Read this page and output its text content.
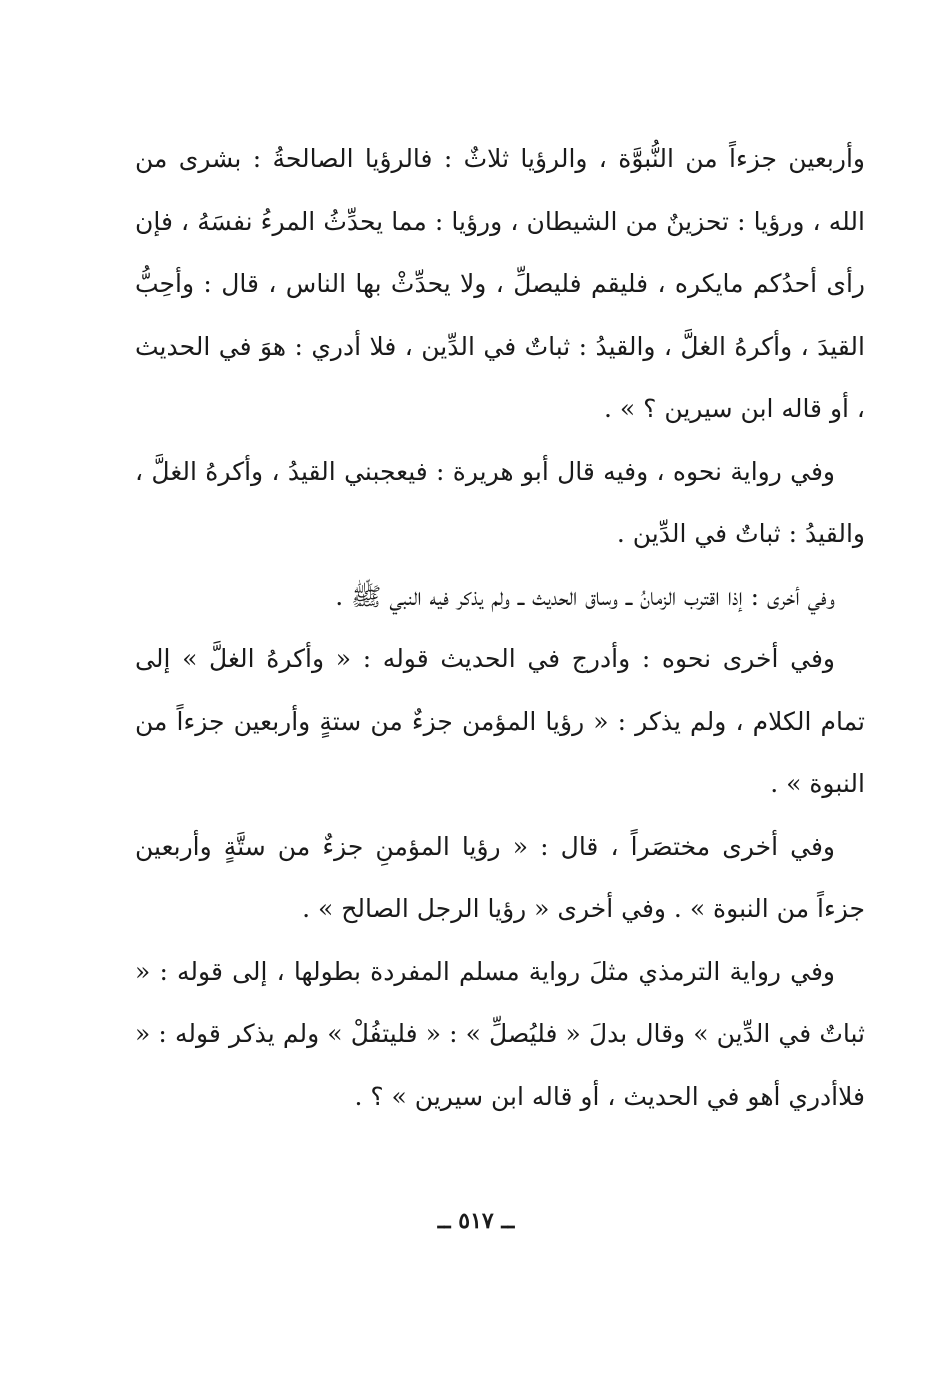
وأربعين جزءاً من النُّبوَّة ، والرؤيا ثلاثٌ : فالرؤيا الصالحةُ : بشرى من الله ، ورؤيا : تحزينٌ من الشيطان ، ورؤيا : مما يحدِّثُ المرءُ نفسَهُ ، فإن رأى أحدُكم مايكره ، فليقم فليصلِّ ، ولا يحدِّثْ بها الناس ، قال : وأحِبُّ القيدَ ، وأكرهُ الغلَّ ، والقيدُ : ثباتٌ في الدِّين ، فلا أدري : هوَ في الحديث ، أو قاله ابن سيرين ؟ » .

وفي رواية نحوه ، وفيه قال أبو هريرة : فيعجبني القيدُ ، وأكرهُ الغلَّ ، والقيدُ : ثباتٌ في الدِّين .

وفي أخرى : إذا اقترب الزمانُ ــ وساق الحديث ــ ولم يذكر فيه النبي ﷺ .

وفي أخرى نحوه : وأدرج في الحديث قوله : « وأكرهُ الغلَّ » إلى تمام الكلام ، ولم يذكر : « رؤيا المؤمن جزءٌ من ستةٍ وأربعين جزءاً من النبوة » .

وفي أخرى مختصَراً ، قال : « رؤيا المؤمنِ جزءٌ من ستَّةٍ وأربعين جزءاً من النبوة » . وفي أخرى « رؤيا الرجل الصالح » .

وفي رواية الترمذي مثلَ رواية مسلم المفردة بطولها ، إلى قوله : « ثباتٌ في الدِّين » وقال بدلَ « فليُصلِّ » : « فليتفُلْ » ولم يذكر قوله : « فلاأدري أهو في الحديث ، أو قاله ابن سيرين » ؟ .

ــ ٥١٧ ــ
